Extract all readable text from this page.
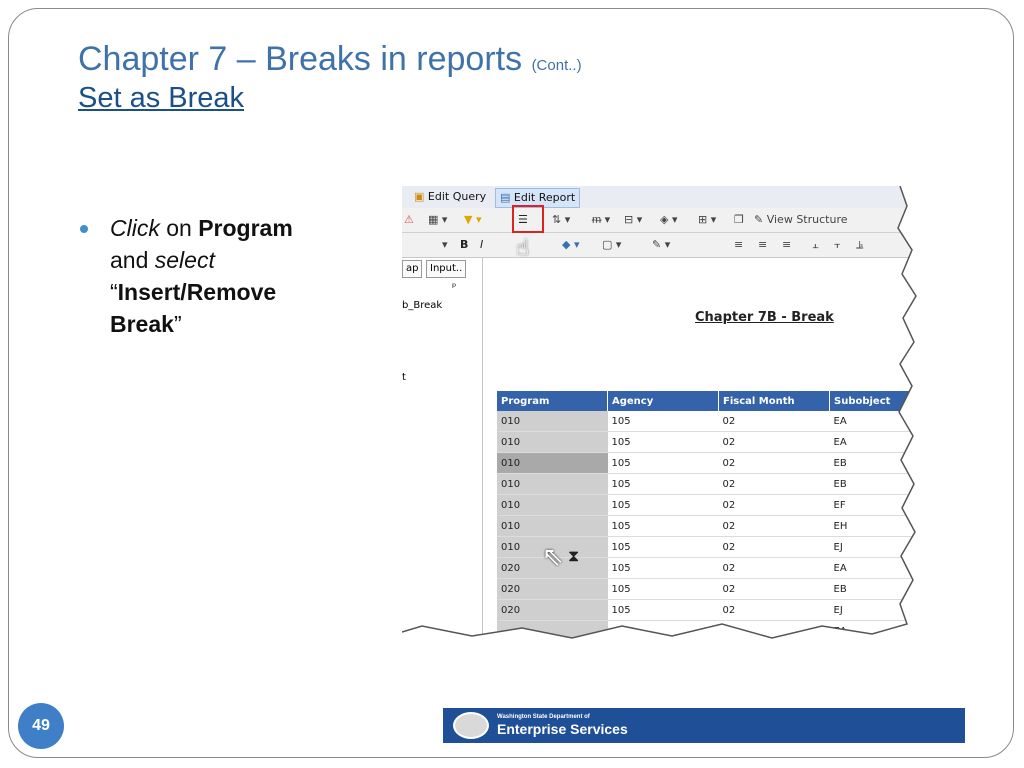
Chapter 7 – Breaks in reports (Cont..)
Set as Break
Click on Program
and select
“Insert/Remove Break”
▣ Edit Query	▤ Edit Report
⚠ ▦ ▾ ▼ ▾	☰ ⇅ ▾ ᵯ ▾ ⊟ ▾ ◈ ▾ ⊞ ▾ ❐ ✎ View Structure
▾ B I	◆ ▾ ▢ ▾	✎ ▾	≡ ≡ ≡ ⫠ ⫟ ⫡
ap	Input..
ᵖ
b_Break
t
Chapter 7B - Break
Program	Agency	Fiscal Month	Subobject
010	105	02	EA
010	105	02	EA
010	105	02	EB
010	105	02	EB
010	105	02	EF
010	105	02	EH
010	105	02	EJ
020	105	02	EA
020	105	02	EB
020	105	02	EJ

☝
⇖ ⧗
49	Washington State Department of
Enterprise Services
